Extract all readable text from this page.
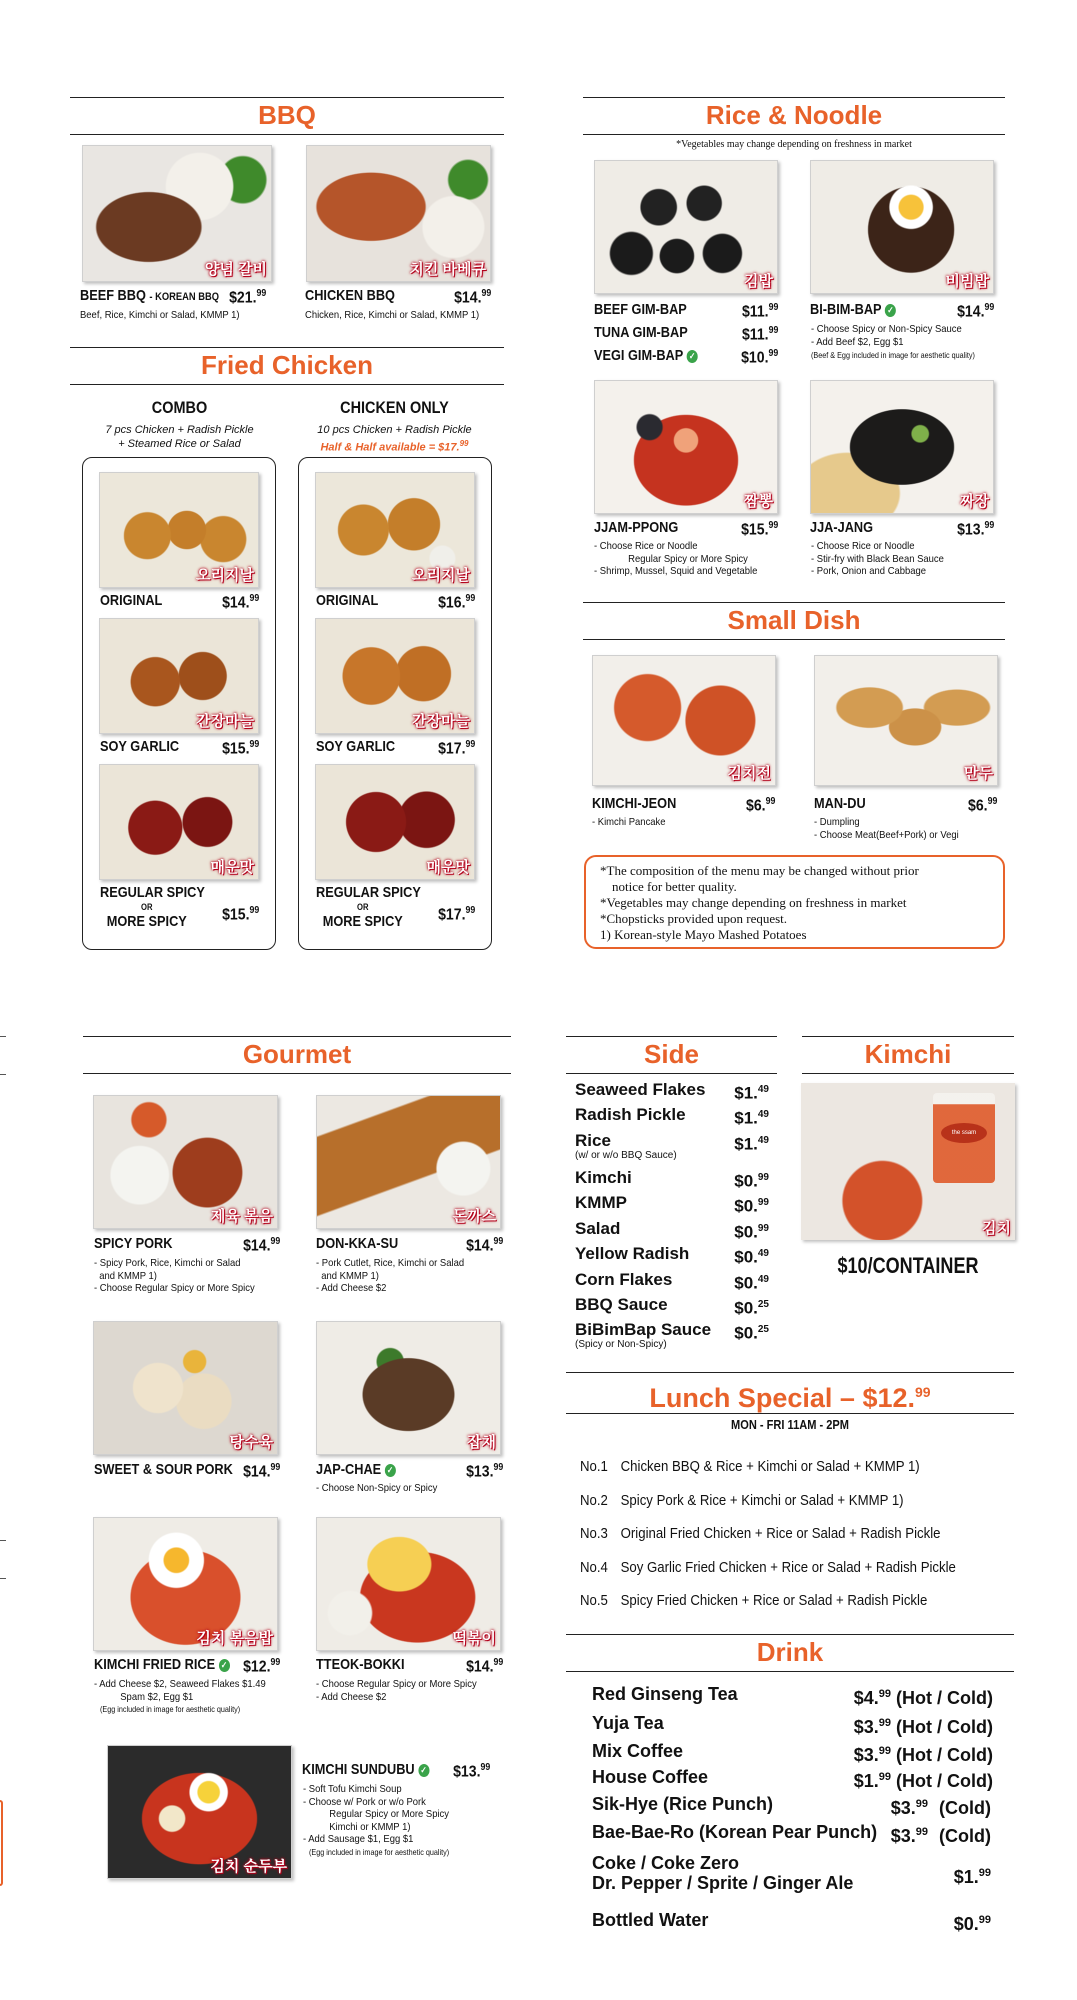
BBQ
양념 갈비	치킨 바베큐
BEEF BBQ - KOREAN BBQ $21.99
Beef, Rice, Kimchi or Salad, KMMP 1)
CHICKEN BBQ	$14.99
Chicken, Rice, Kimchi or Salad, KMMP 1)
Fried Chicken
COMBO
7 pcs Chicken + Radish Pickle
+ Steamed Rice or Salad
CHICKEN ONLY
10 pcs Chicken + Radish Pickle
Half & Half available = $17.99
오리지날
ORIGINAL	$14.99
간장마늘
SOY GARLIC	$15.99
매운맛
REGULAR SPICY
OR
MORE SPICY	$15.99
오리지날
ORIGINAL	$16.99
간장마늘
SOY GARLIC	$17.99
매운맛
REGULAR SPICY
OR
MORE SPICY	$17.99
Rice & Noodle
*Vegetables may change depending on freshness in market
김밥	비빔밥
BEEF GIM-BAP	$11.99
TUNA GIM-BAP	$11.99
VEGI GIM-BAP ✓	$10.99
BI-BIM-BAP ✓	$14.99
- Choose Spicy or Non-Spicy Sauce
- Add Beef $2, Egg $1
(Beef & Egg included in image for aesthetic quality)
짬뽕	짜장
JJAM-PPONG	$15.99
- Choose Rice or Noodle
Regular Spicy or More Spicy
- Shrimp, Mussel, Squid and Vegetable
JJA-JANG	$13.99
- Choose Rice or Noodle
- Stir-fry with Black Bean Sauce
- Pork, Onion and Cabbage
Small Dish
김치전	만두
KIMCHI-JEON	$6.99
- Kimchi Pancake
MAN-DU	$6.99
- Dumpling
- Choose Meat(Beef+Pork) or Vegi
*The composition of the menu may be changed without prior
notice for better quality.
*Vegetables may change depending on freshness in market
*Chopsticks provided upon request.
1) Korean-style Mayo Mashed Potatoes
Gourmet
제육 볶음	돈까스
SPICY PORK	$14.99
- Spicy Pork, Rice, Kimchi or Salad
and KMMP 1)
- Choose Regular Spicy or More Spicy
DON-KKA-SU	$14.99
- Pork Cutlet, Rice, Kimchi or Salad
and KMMP 1)
- Add Cheese $2
탕수육	잡채
SWEET & SOUR PORK $14.99 JAP-CHAE ✓	$13.99
- Choose Non-Spicy or Spicy
김치 볶음밥	떡볶이
KIMCHI FRIED RICE ✓ $12.99
- Add Cheese $2, Seaweed Flakes $1.49
Spam $2, Egg $1
(Egg included in image for aesthetic quality)
TTEOK-BOKKI	$14.99
- Choose Regular Spicy or More Spicy
- Add Cheese $2
김치 순두부
KIMCHI SUNDUBU ✓ $13.99
- Soft Tofu Kimchi Soup
- Choose w/ Pork or w/o Pork
Regular Spicy or More Spicy
Kimchi or KMMP 1)
- Add Sausage $1, Egg $1
(Egg included in image for aesthetic quality)
Side
Seaweed Flakes $1.49
Radish Pickle	$1.49
Rice
(w/ or w/o BBQ Sauce)
$1.49
Kimchi	$0.99
KMMP	$0.99
Salad	$0.99
Yellow Radish	$0.49
Corn Flakes	$0.49
BBQ Sauce	$0.25
BiBimBap Sauce
(Spicy or Non-Spicy)
$0.25
Kimchi
the ssam
김치
$10/CONTAINER
Lunch Special – $12.99
MON - FRI 11AM - 2PM
No.1 Chicken BBQ & Rice + Kimchi or Salad + KMMP 1)
No.2 Spicy Pork & Rice + Kimchi or Salad + KMMP 1)
No.3 Original Fried Chicken + Rice or Salad + Radish Pickle
No.4 Soy Garlic Fried Chicken + Rice or Salad + Radish Pickle
No.5 Spicy Fried Chicken + Rice or Salad + Radish Pickle
Drink
Red Ginseng Tea	$4.99 (Hot / Cold)
Yuja Tea	$3.99 (Hot / Cold)
Mix Coffee	$3.99 (Hot / Cold)
House Coffee	$1.99 (Hot / Cold)
Sik-Hye (Rice Punch)	$3.99 (Cold)
Bae-Bae-Ro (Korean Pear Punch) $3.99 (Cold)
Coke / Coke Zero
Dr. Pepper / Sprite / Ginger Ale	$1.99
Bottled Water	$0.99
